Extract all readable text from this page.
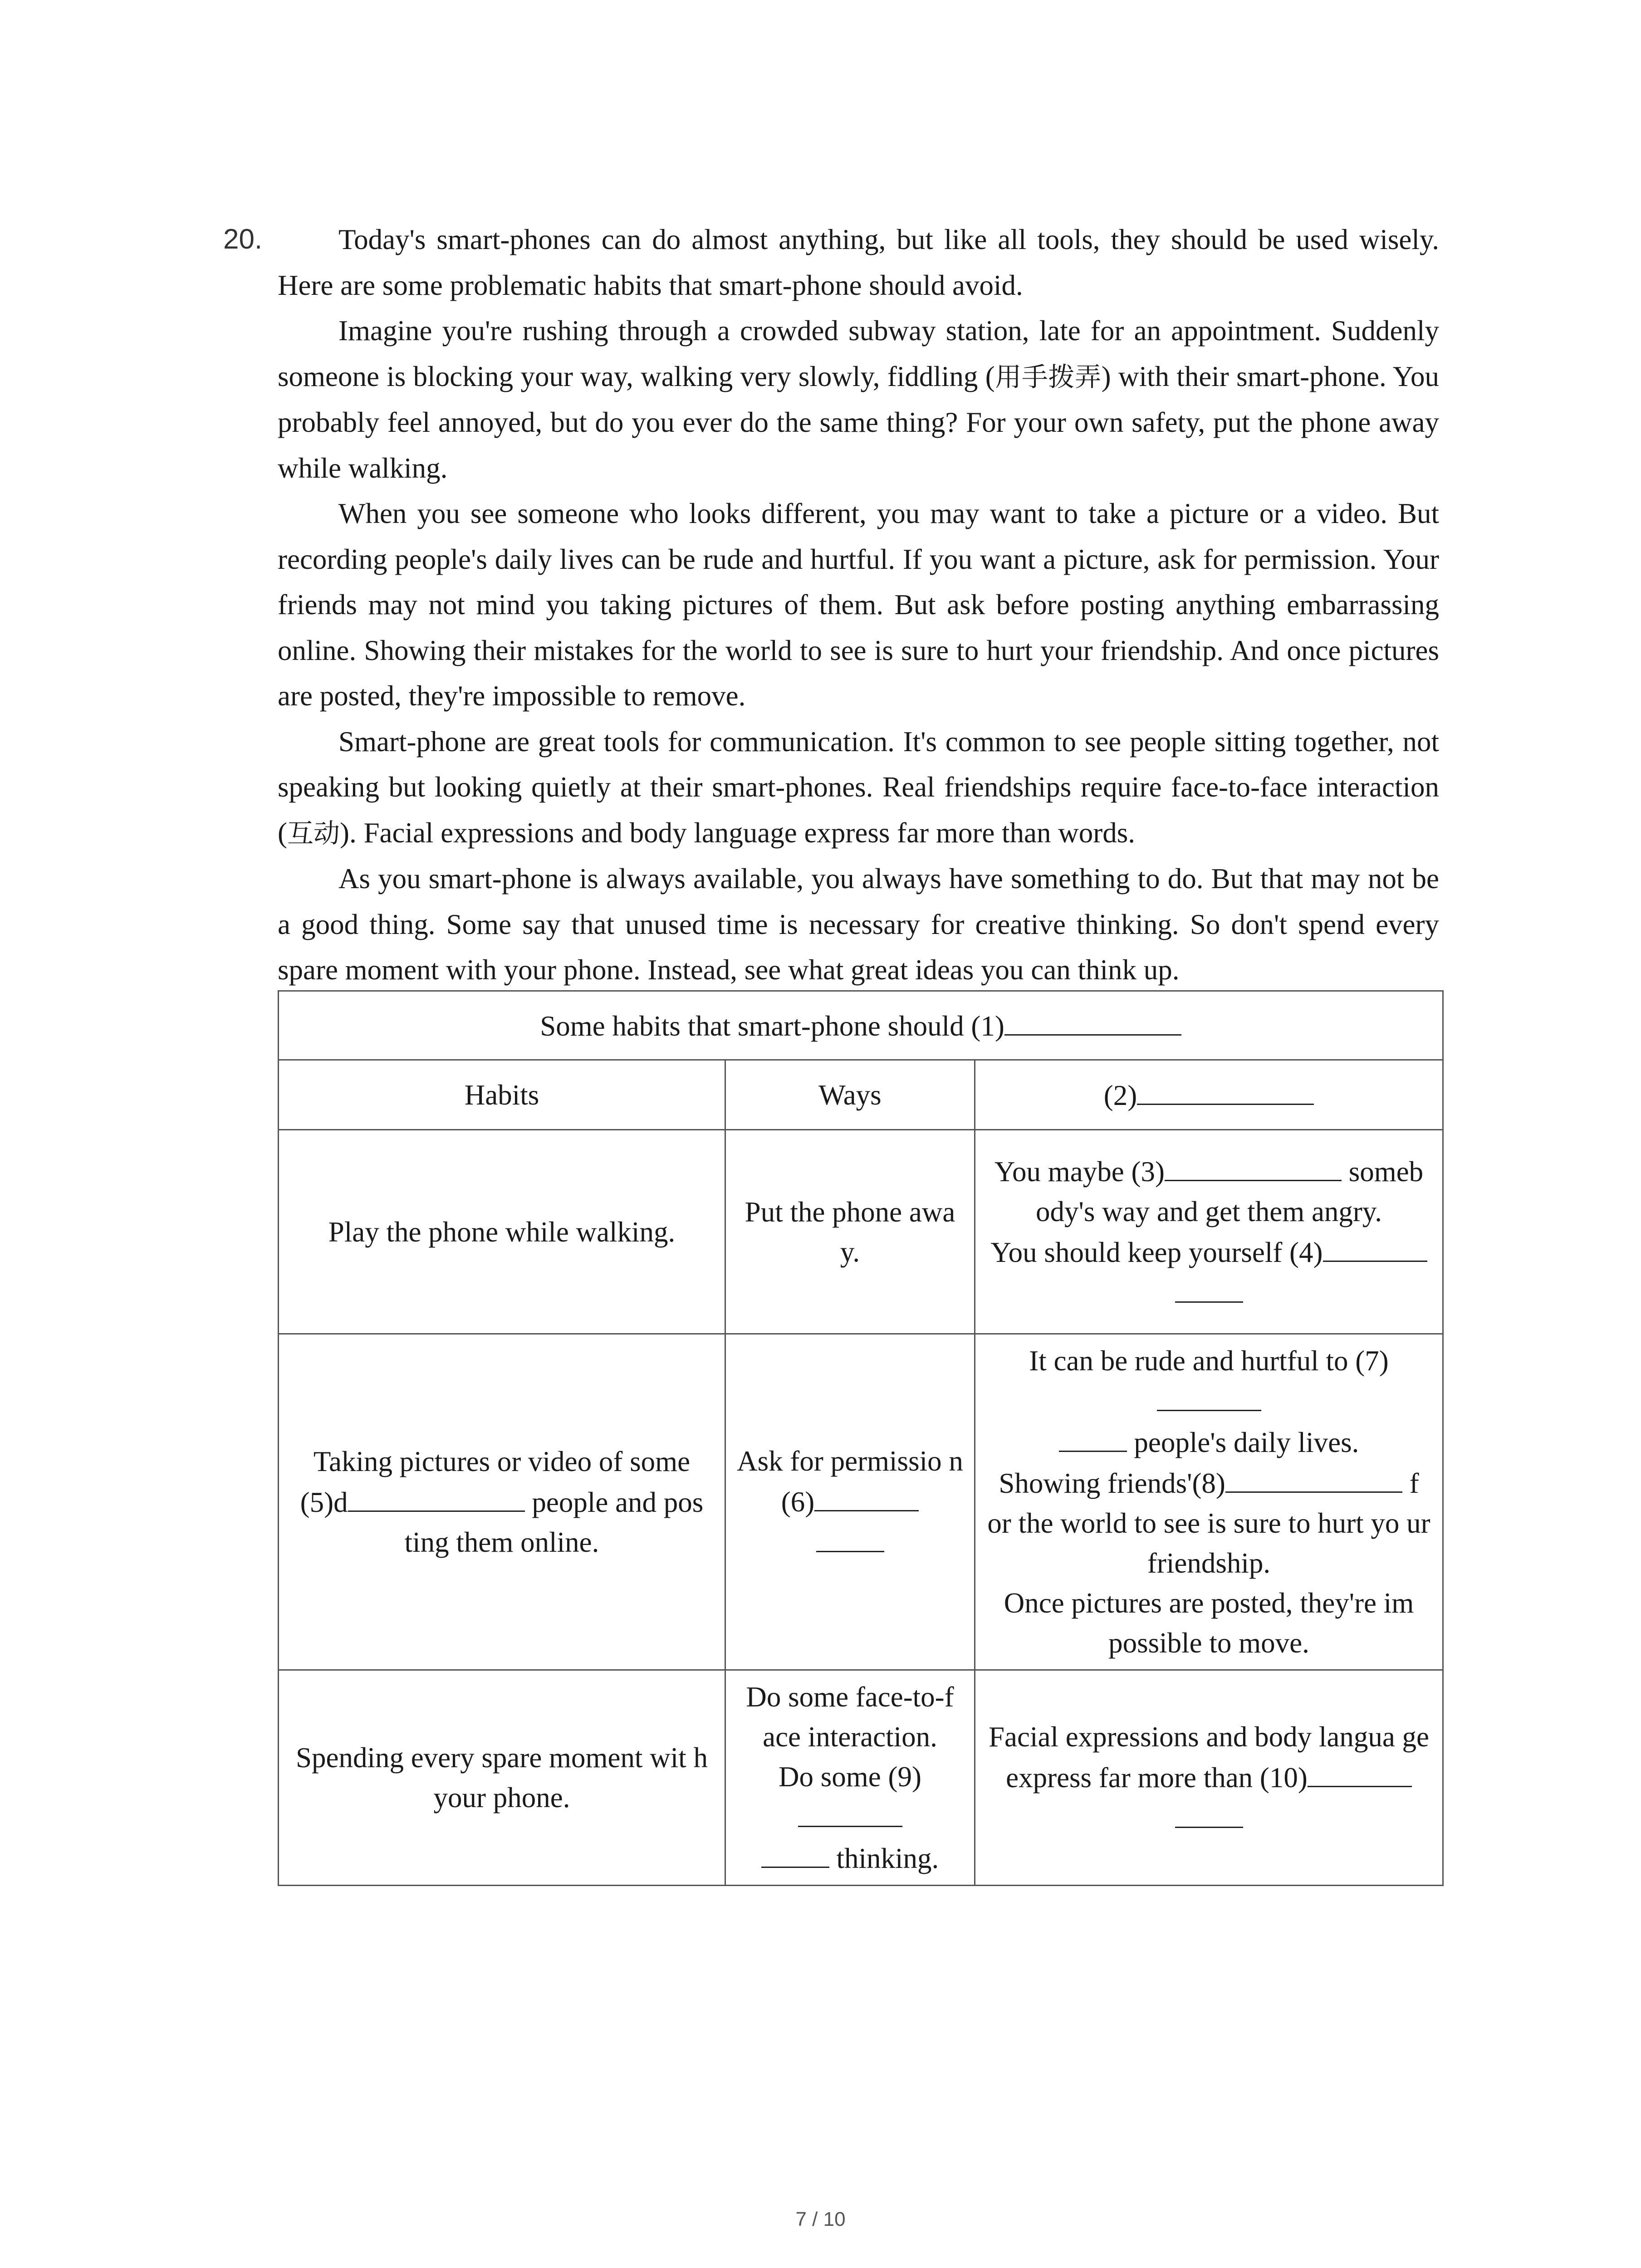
20.	Today's smart-phones can do almost anything, but like all tools, they should be used wisely. Here are some problematic habits that smart-phone should avoid.

Imagine you're rushing through a crowded subway station, late for an appointment. Suddenly someone is blocking your way, walking very slowly, fiddling (用手拨弄) with their smart-phone. You probably feel annoyed, but do you ever do the same thing? For your own safety, put the phone away while walking.

When you see someone who looks different, you may want to take a picture or a video. But recording people's daily lives can be rude and hurtful. If you want a picture, ask for permission. Your friends may not mind you taking pictures of them. But ask before posting anything embarrassing online. Showing their mistakes for the world to see is sure to hurt your friendship. And once pictures are posted, they're impossible to remove.

Smart-phone are great tools for communication. It's common to see people sitting together, not speaking but looking quietly at their smart-phones. Real friendships require face-to-face interaction (互动). Facial expressions and body language express far more than words.

As you smart-phone is always available, you always have something to do. But that may not be a good thing. Some say that unused time is necessary for creative thinking. So don't spend every spare moment with your phone. Instead, see what great ideas you can think up.

Some habits that smart-phone should (1)		
Habits	Ways	(2)
Play the phone while walking.	Put the phone awa y.	You maybe (3) someb ody's way and get them angry.
You should keep yourself (4)

Taking pictures or video of some (5)d people and pos ting them online.	Ask for permissio n (6)	It can be rude and hurtful to (7)
people's daily lives.
Showing friends'(8) f or the world to see is sure to hurt yo ur friendship.
Once pictures are posted, they're im possible to move.

Spending every spare moment wit h your phone.	Do some face-to-f ace interaction.
Do some (9)
thinking.	Facial expressions and body langua ge express far more than (10)
7 / 10
